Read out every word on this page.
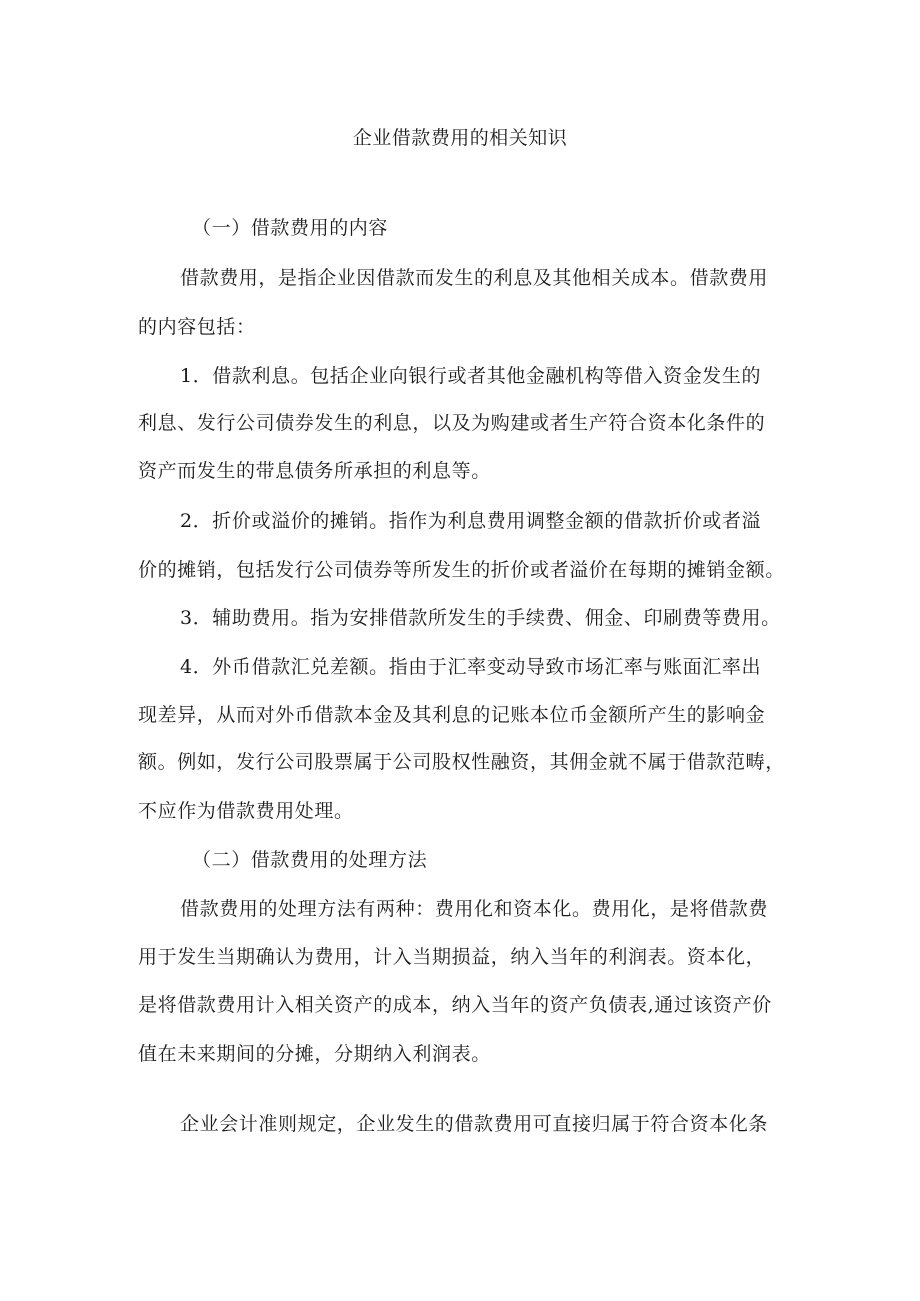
企业借款费用的相关知识
（一）借款费用的内容
借款费用，是指企业因借款而发生的利息及其他相关成本。借款费用
的内容包括：
1．借款利息。包括企业向银行或者其他金融机构等借入资金发生的
利息、发行公司债券发生的利息，以及为购建或者生产符合资本化条件的
资产而发生的带息债务所承担的利息等。
2．折价或溢价的摊销。指作为利息费用调整金额的借款折价或者溢
价的摊销，包括发行公司债券等所发生的折价或者溢价在每期的摊销金额。
3．辅助费用。指为安排借款所发生的手续费、佣金、印刷费等费用。
4．外币借款汇兑差额。指由于汇率变动导致市场汇率与账面汇率出
现差异，从而对外币借款本金及其利息的记账本位币金额所产生的影响金
额。例如，发行公司股票属于公司股权性融资，其佣金就不属于借款范畴，
不应作为借款费用处理。
（二）借款费用的处理方法
借款费用的处理方法有两种：费用化和资本化。费用化，是将借款费
用于发生当期确认为费用，计入当期损益，纳入当年的利润表。资本化，
是将借款费用计入相关资产的成本，纳入当年的资产负债表,通过该资产价
值在未来期间的分摊，分期纳入利润表。
企业会计准则规定，企业发生的借款费用可直接归属于符合资本化条
